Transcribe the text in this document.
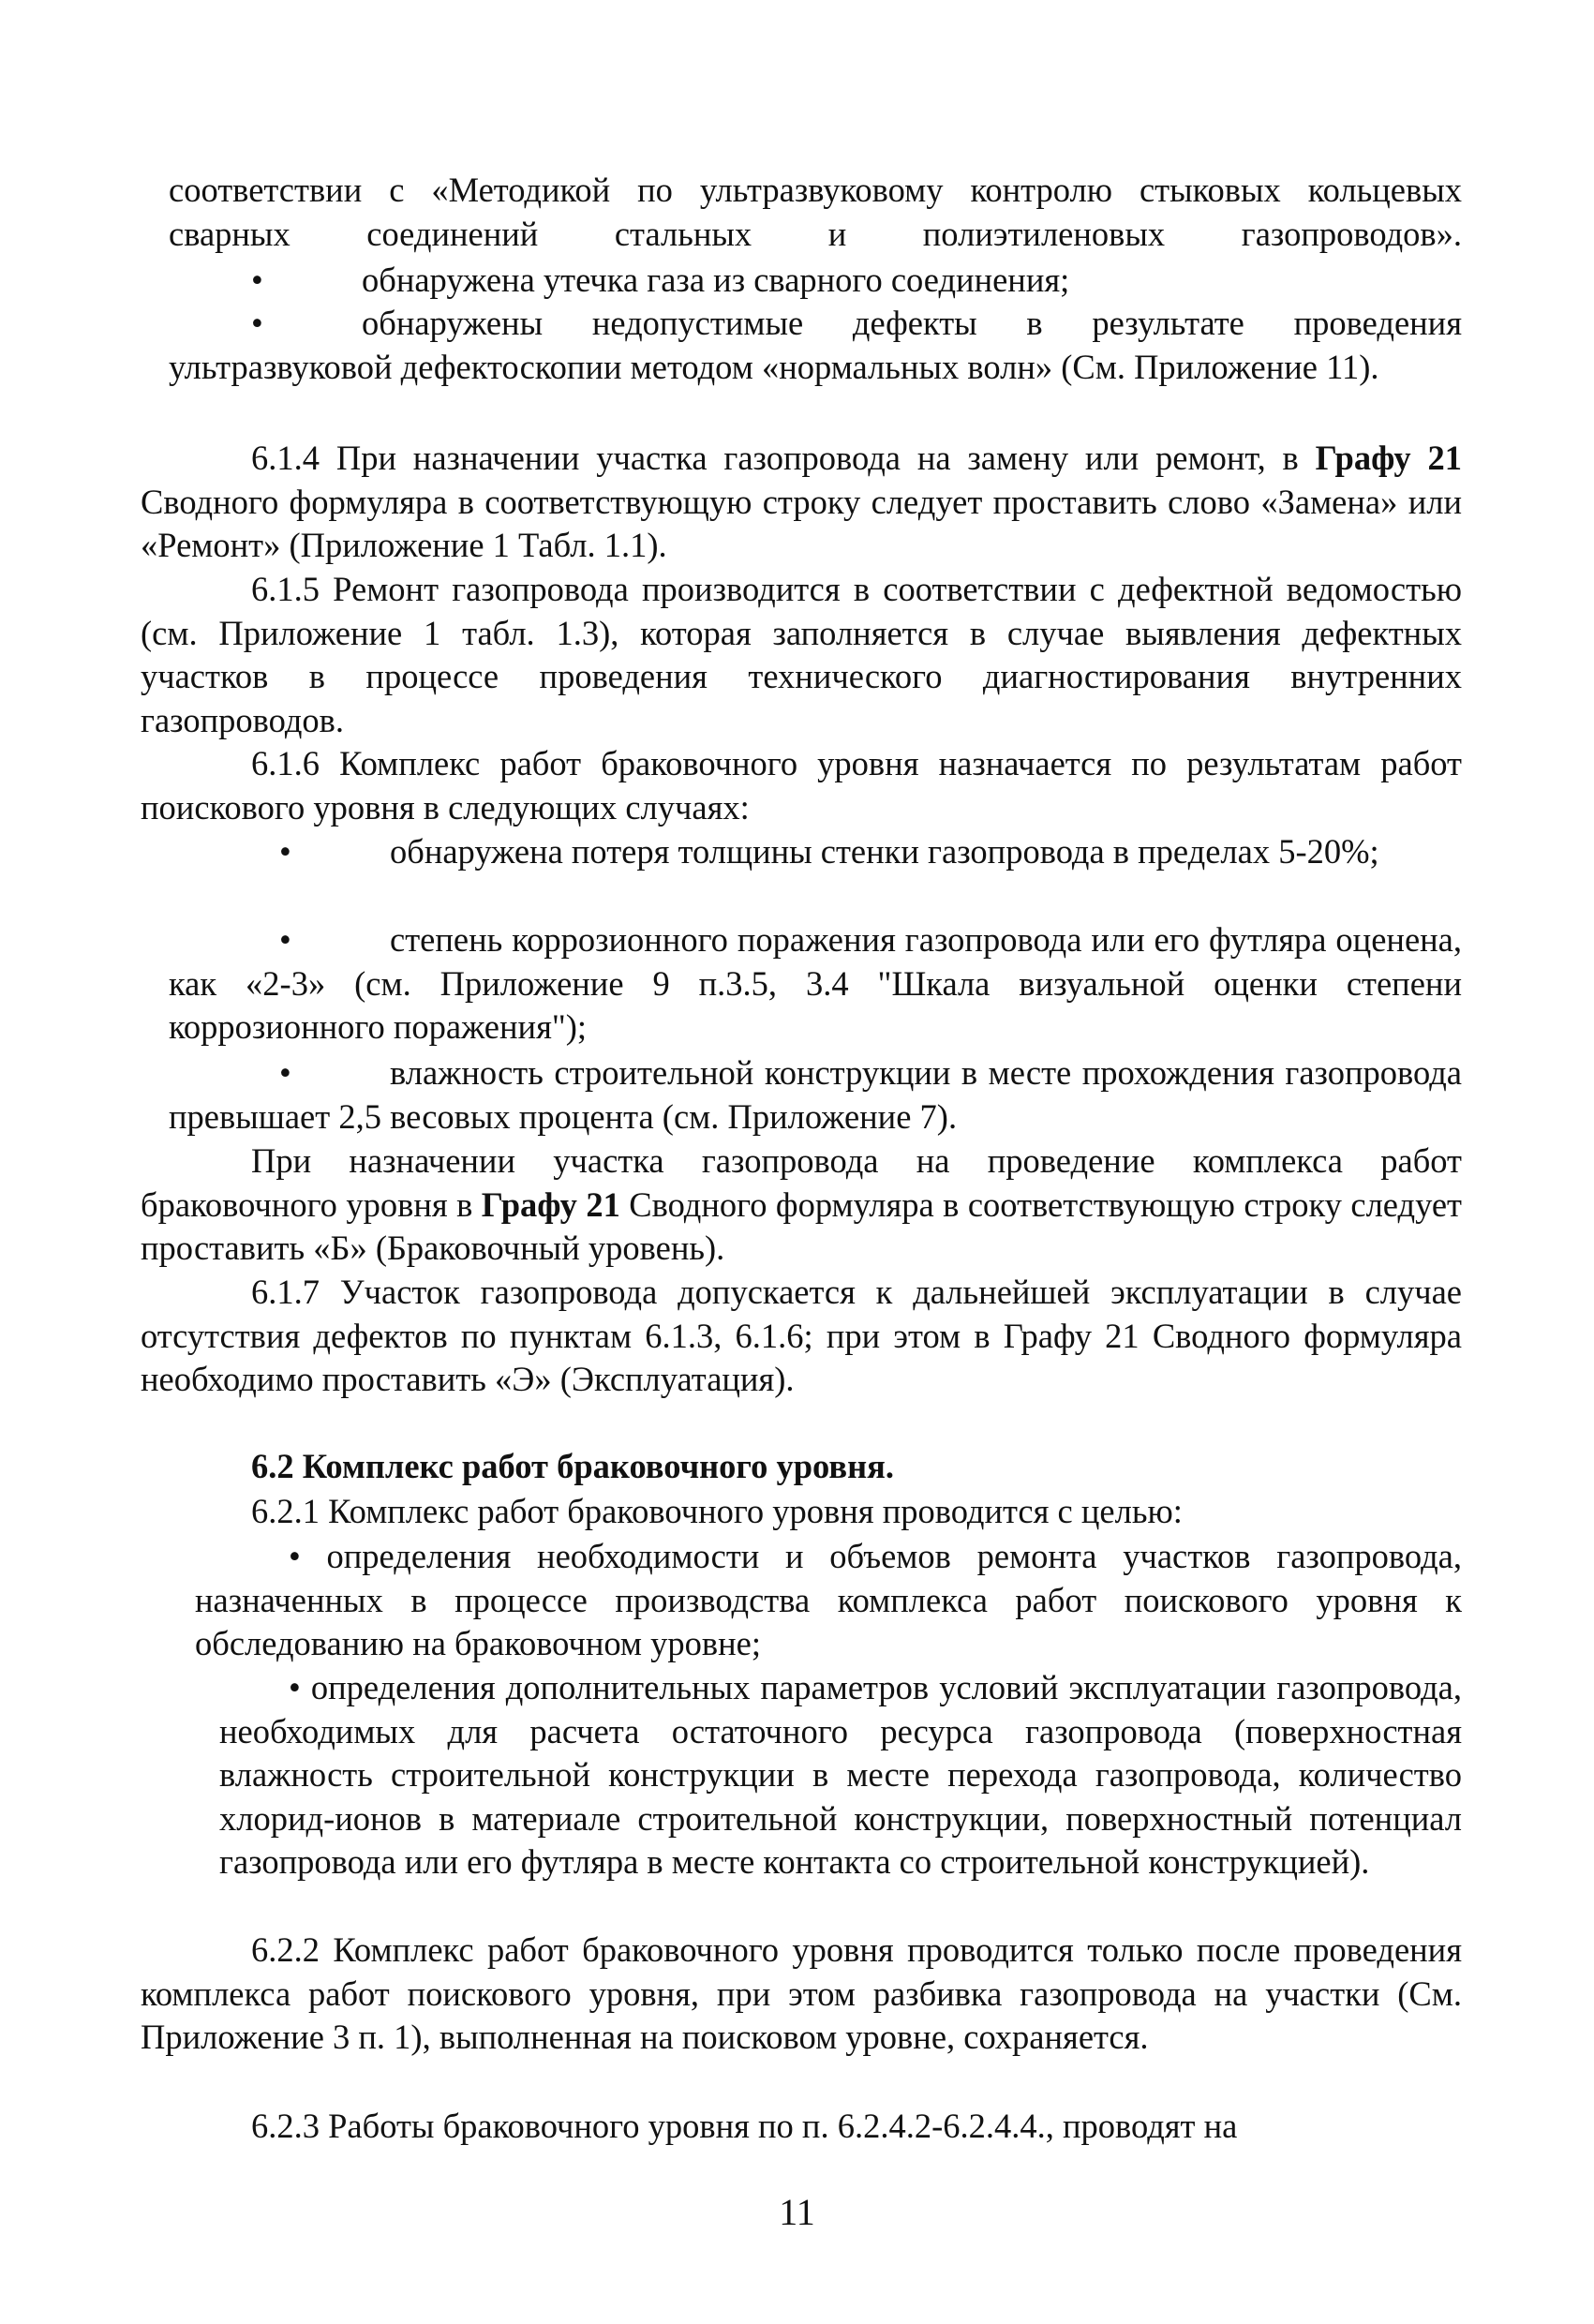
соответствии с «Методикой по ультразвуковому контролю стыковых кольцевых сварных соединений стальных и полиэтиленовых газопроводов».
•	обнаружена утечка газа из сварного соединения;
•	обнаружены недопустимые дефекты в результате проведения ультразвуковой дефектоскопии методом «нормальных волн» (См. Приложение 11).
6.1.4 При назначении участка газопровода на замену или ремонт, в Графу 21 Сводного формуляра в соответствующую строку следует проставить слово «Замена» или «Ремонт» (Приложение 1 Табл. 1.1).
6.1.5 Ремонт газопровода производится в соответствии с дефектной ведомостью (см. Приложение 1 табл. 1.3), которая заполняется в случае выявления дефектных участков в процессе проведения технического диагностирования внутренних газопроводов.
6.1.6 Комплекс работ браковочного уровня назначается по результатам работ поискового уровня в следующих случаях:
•	обнаружена потеря толщины стенки газопровода в пределах 5-20%;
•	степень коррозионного поражения газопровода или его футляра оценена, как «2-3» (см. Приложение 9 п.3.5, 3.4 "Шкала визуальной оценки степени коррозионного поражения");
•	влажность строительной конструкции в месте прохождения газопровода превышает 2,5 весовых процента (см. Приложение 7).
При назначении участка газопровода на проведение комплекса работ браковочного уровня в Графу 21 Сводного формуляра в соответствующую строку следует проставить «Б» (Браковочный уровень).
6.1.7 Участок газопровода допускается к дальнейшей эксплуатации в случае отсутствия дефектов по пунктам 6.1.3, 6.1.6; при этом в Графу 21 Сводного формуляра необходимо проставить «Э» (Эксплуатация).
6.2 Комплекс работ браковочного уровня.
6.2.1 Комплекс работ браковочного уровня проводится с целью:
• определения необходимости и объемов ремонта участков газопровода, назначенных в процессе производства комплекса работ поискового уровня к обследованию на браковочном уровне;
• определения дополнительных параметров условий эксплуатации газопровода, необходимых для расчета остаточного ресурса газопровода (поверхностная влажность строительной конструкции в месте перехода газопровода, количество хлорид-ионов в материале строительной конструкции, поверхностный потенциал газопровода или его футляра в месте контакта со строительной конструкцией).
6.2.2 Комплекс работ браковочного уровня проводится только после проведения комплекса работ поискового уровня, при этом разбивка газопровода на участки (См. Приложение 3 п. 1), выполненная на поисковом уровне, сохраняется.
6.2.3 Работы браковочного уровня по п. 6.2.4.2-6.2.4.4., проводят на
11
